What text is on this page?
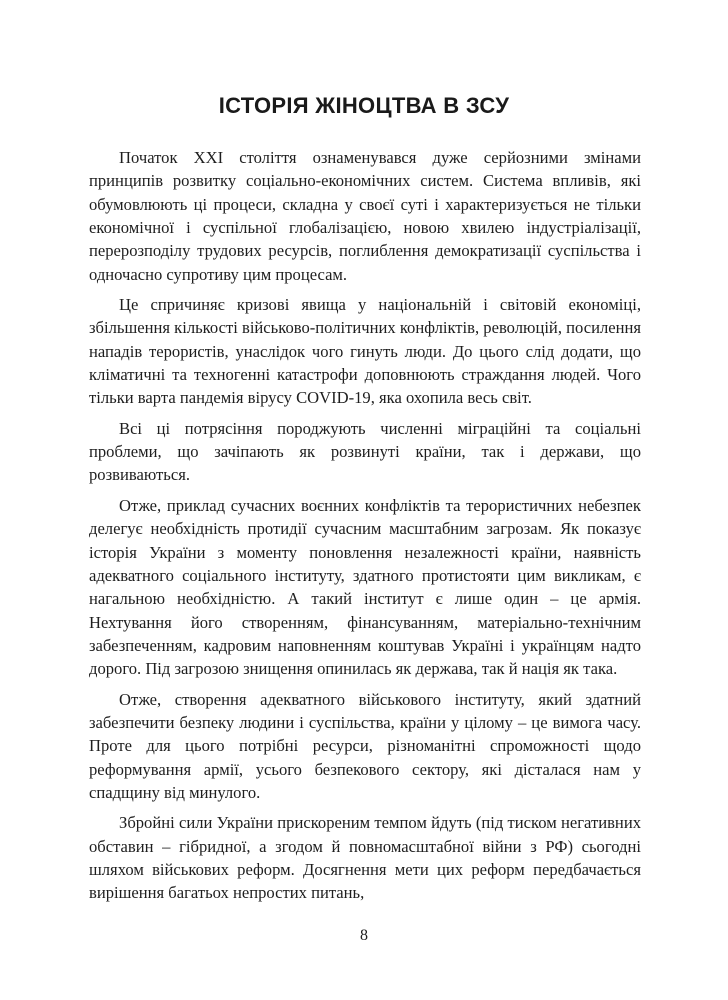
ІСТОРІЯ ЖІНОЦТВА В ЗСУ

Початок XXI століття ознаменувався дуже серйозними змінами принципів розвитку соціально-економічних систем. Система впливів, які обумовлюють ці процеси, складна у своєї суті і характеризується не тільки економічної і суспільної глобалізацією, новою хвилею індустріалізації, перерозподілу трудових ресурсів, поглиблення демократизації суспільства і одночасно супротиву цим процесам.

Це спричиняє кризові явища у національній і світовій економіці, збільшення кількості військово-політичних конфліктів, революцій, посилення нападів терористів, унаслідок чого гинуть люди. До цього слід додати, що кліматичні та техногенні катастрофи доповнюють страждання людей. Чого тільки варта пандемія вірусу COVID-19, яка охопила весь світ.

Всі ці потрясіння породжують численні міграційні та соціальні проблеми, що зачіпають як розвинуті країни, так і держави, що розвиваються.

Отже, приклад сучасних воєнних конфліктів та терористичних небезпек делегує необхідність протидії сучасним масштабним загрозам. Як показує історія України з моменту поновлення незалежності країни, наявність адекватного соціального інституту, здатного протистояти цим викликам, є нагальною необхідністю. А такий інститут є лише один – це армія. Нехтування його створенням, фінансуванням, матеріально-технічним забезпеченням, кадровим наповненням коштував Україні і українцям надто дорого. Під загрозою знищення опинилась як держава, так й нація як така.

Отже, створення адекватного військового інституту, який здатний забезпечити безпеку людини і суспільства, країни у цілому – це вимога часу. Проте для цього потрібні ресурси, різноманітні спроможності щодо реформування армії, усього безпекового сектору, які дісталася нам у спадщину від минулого.

Збройні сили України прискореним темпом йдуть (під тиском негативних обставин – гібридної, а згодом й повномасштабної війни з РФ) сьогодні шляхом військових реформ. Досягнення мети цих реформ передбачається вирішення багатьох непростих питань,

8
